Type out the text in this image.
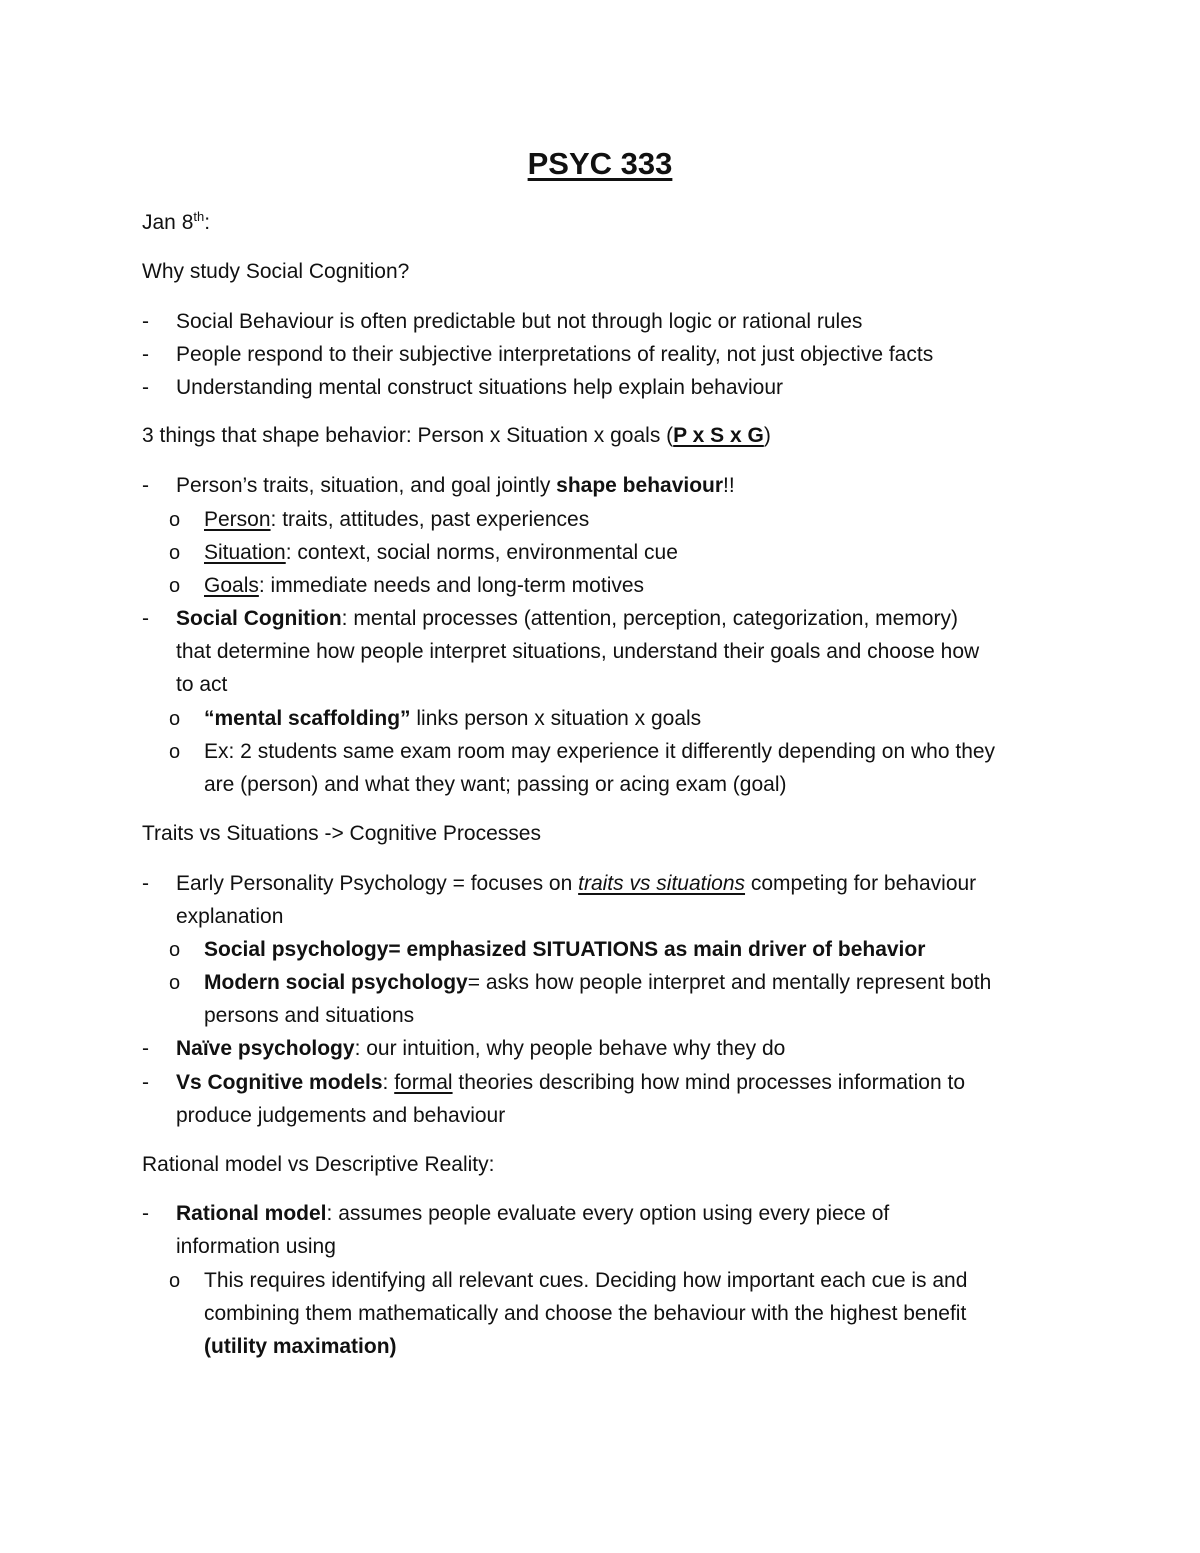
PSYC 333
Jan 8th:
Why study Social Cognition?
- Social Behaviour is often predictable but not through logic or rational rules
- People respond to their subjective interpretations of reality, not just objective facts
- Understanding mental construct situations help explain behaviour
3 things that shape behavior: Person x Situation x goals (P x S x G)
- Person’s traits, situation, and goal jointly shape behaviour!!
o Person: traits, attitudes, past experiences
o Situation: context, social norms, environmental cue
o Goals: immediate needs and long-term motives
- Social Cognition: mental processes (attention, perception, categorization, memory)
that determine how people interpret situations, understand their goals and choose how
to act
o “mental scaffolding” links person x situation x goals
o Ex: 2 students same exam room may experience it differently depending on who they
are (person) and what they want; passing or acing exam (goal)
Traits vs Situations -> Cognitive Processes
- Early Personality Psychology = focuses on traits vs situations competing for behaviour
explanation
o Social psychology= emphasized SITUATIONS as main driver of behavior
o Modern social psychology= asks how people interpret and mentally represent both
persons and situations
- Naïve psychology: our intuition, why people behave why they do
- Vs Cognitive models: formal theories describing how mind processes information to
produce judgements and behaviour
Rational model vs Descriptive Reality:
- Rational model: assumes people evaluate every option using every piece of
information using
o This requires identifying all relevant cues. Deciding how important each cue is and
combining them mathematically and choose the behaviour with the highest benefit
(utility maximation)
